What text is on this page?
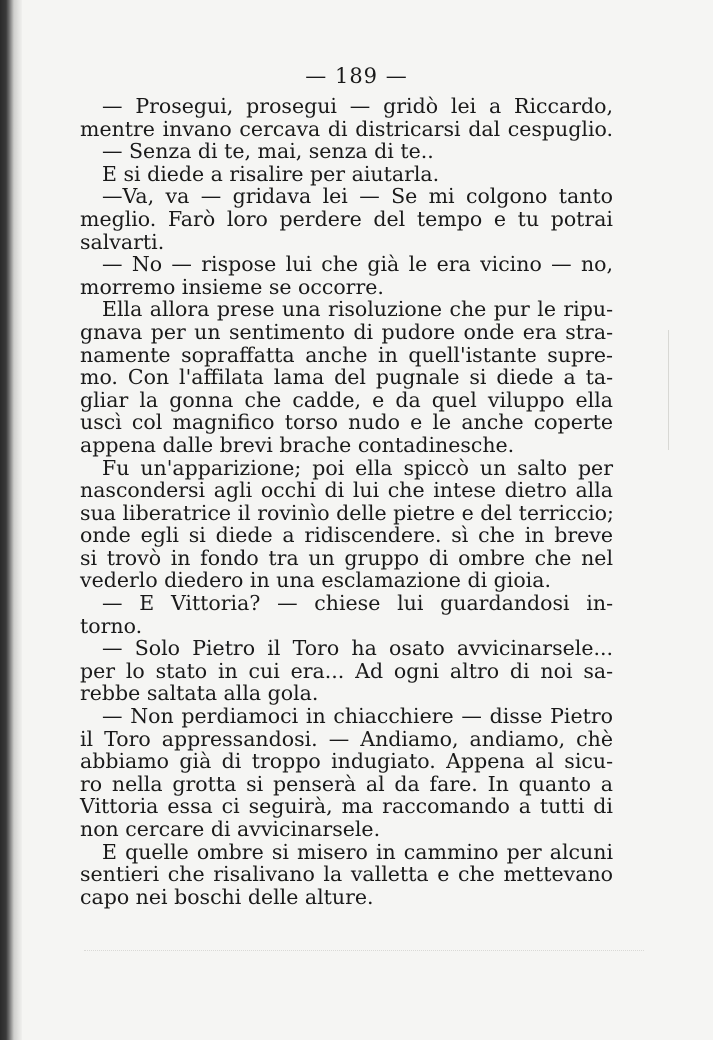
— 189 —
— Prosegui, prosegui — gridò lei a Riccardo,
mentre invano cercava di districarsi dal cespuglio.
— Senza di te, mai, senza di te..
E si diede a risalire per aiutarla.
—Va, va — gridava lei — Se mi colgono tanto
meglio. Farò loro perdere del tempo e tu potrai
salvarti.
— No — rispose lui che già le era vicino — no,
morremo insieme se occorre.
Ella allora prese una risoluzione che pur le ripu-
gnava per un sentimento di pudore onde era stra-
namente sopraffatta anche in quell'istante supre-
mo. Con l'affilata lama del pugnale si diede a ta-
gliar la gonna che cadde, e da quel viluppo ella
uscì col magnifico torso nudo e le anche coperte
appena dalle brevi brache contadinesche.
Fu un'apparizione; poi ella spiccò un salto per
nascondersi agli occhi di lui che intese dietro alla
sua liberatrice il rovinìo delle pietre e del terriccio;
onde egli si diede a ridiscendere. sì che in breve
si trovò in fondo tra un gruppo di ombre che nel
vederlo diedero in una esclamazione di gioia.
— E Vittoria? — chiese lui guardandosi in-
torno.
— Solo Pietro il Toro ha osato avvicinarsele...
per lo stato in cui era... Ad ogni altro di noi sa-
rebbe saltata alla gola.
— Non perdiamoci in chiacchiere — disse Pietro
il Toro appressandosi. — Andiamo, andiamo, chè
abbiamo già di troppo indugiato. Appena al sicu-
ro nella grotta si penserà al da fare. In quanto a
Vittoria essa ci seguirà, ma raccomando a tutti di
non cercare di avvicinarsele.
E quelle ombre si misero in cammino per alcuni
sentieri che risalivano la valletta e che mettevano
capo nei boschi delle alture.
